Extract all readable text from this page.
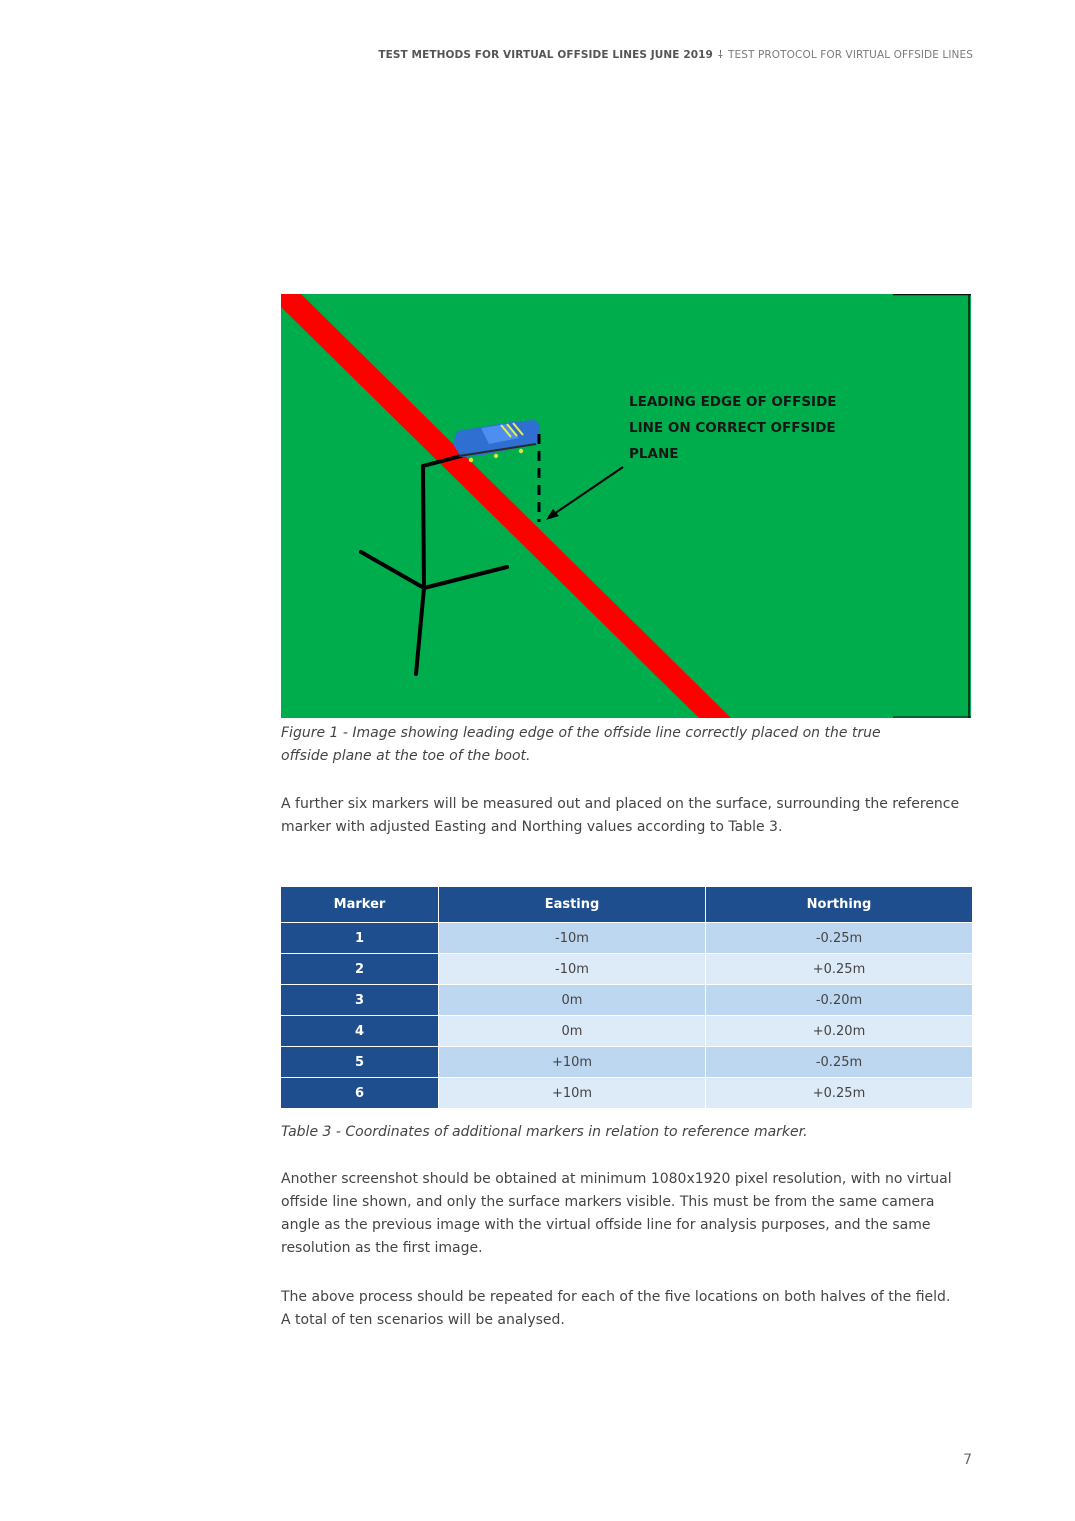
TEST METHODS FOR VIRTUAL OFFSIDE LINES JUNE 2019 ⸸ TEST PROTOCOL FOR VIRTUAL OFFSIDE LINES
LEADING EDGE OF OFFSIDE
LINE ON CORRECT OFFSIDE
PLANE
Figure 1 - Image showing leading edge of the offside line correctly placed on the true offside plane at the toe of the boot.
A further six markers will be measured out and placed on the surface, surrounding the reference marker with adjusted Easting and Northing values according to Table 3.
Marker	Easting	Northing
1	-10m	-0.25m
2	-10m	+0.25m
3	0m	-0.20m
4	0m	+0.20m
5	+10m	-0.25m
6	+10m	+0.25m
Table 3 - Coordinates of additional markers in relation to reference marker.
Another screenshot should be obtained at minimum 1080x1920 pixel resolution, with no virtual offside line shown, and only the surface markers visible. This must be from the same camera angle as the previous image with the virtual offside line for analysis purposes, and the same resolution as the first image.
The above process should be repeated for each of the five locations on both halves of the field. A total of ten scenarios will be analysed.
7
